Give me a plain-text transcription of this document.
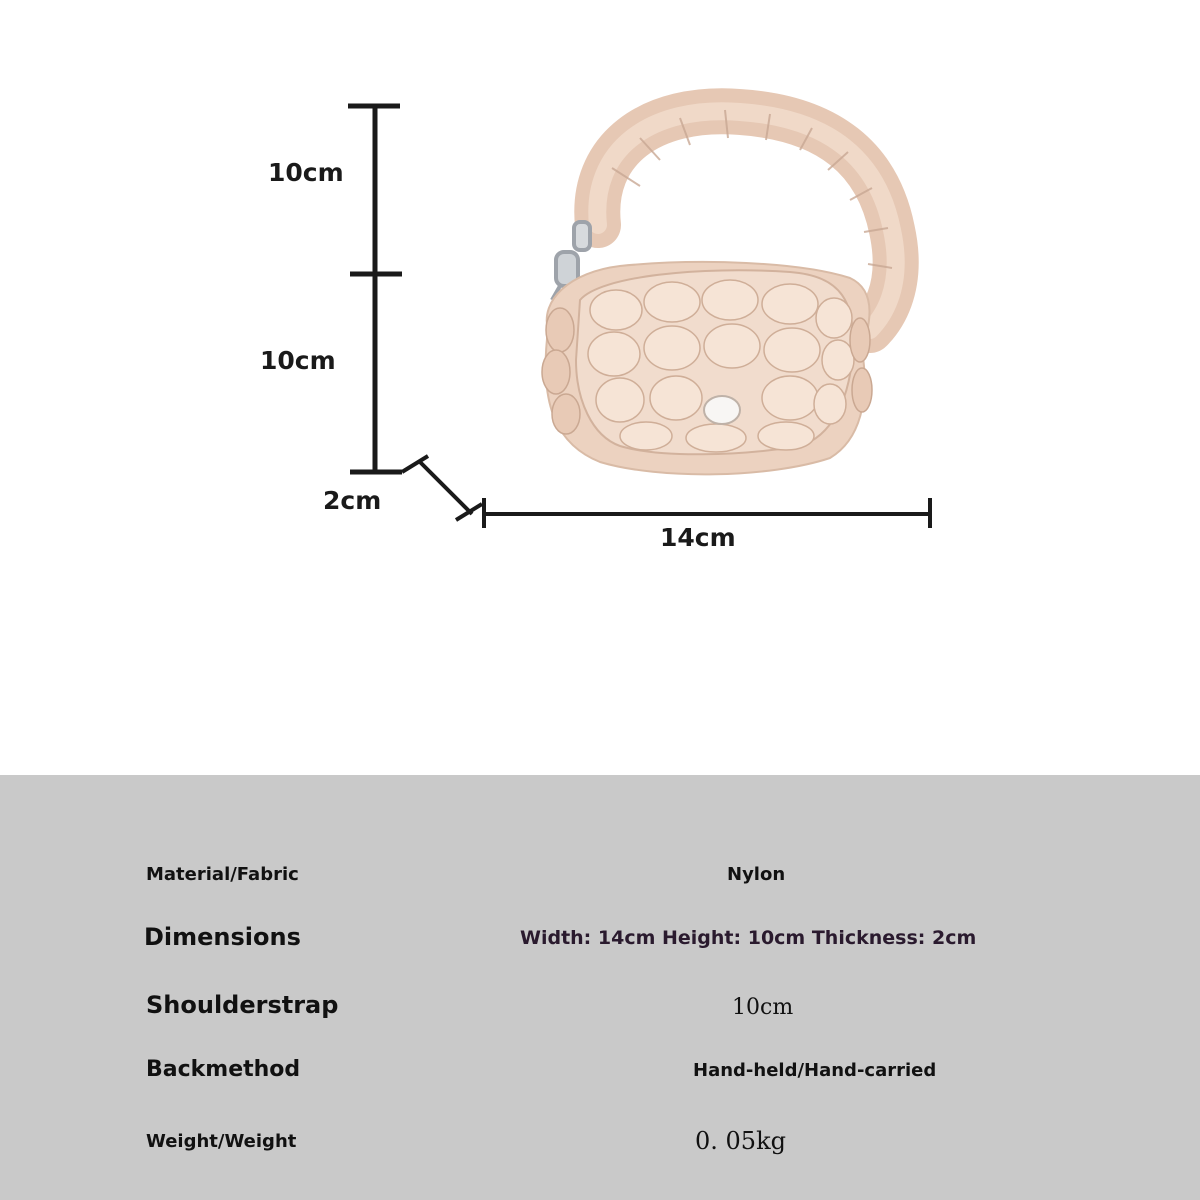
10cm
10cm
2cm
14cm
Material/Fabric	Nylon
Dimensions	Width: 14cm Height: 10cm Thickness: 2cm
Shoulderstrap	10cm
Backmethod	Hand-held/Hand-carried
Weight/Weight	0. 05kg
